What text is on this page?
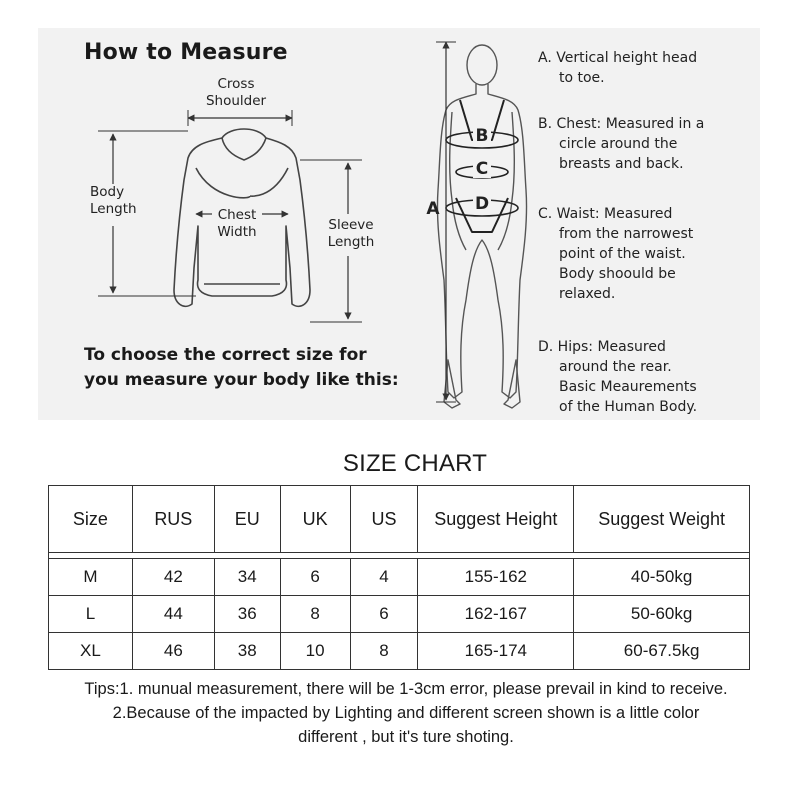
How to Measure
Cross
Shoulder
Body
Length	Chest
Width	Sleeve
Length
To choose the correct size for
you measure your body like this:
A
B
C
D
A. Vertical height head
to toe.
B. Chest: Measured in a
circle around the
breasts and back.
C. Waist: Measured
from the narrowest
point of the waist.
Body shoould be
relaxed.
D. Hips: Measured
around the rear.
Basic Meaurements
of the Human Body.
SIZE CHART
Size	RUS	EU	UK	US	Suggest Height	Suggest Weight

M	42	34	6	4	155-162	40-50kg
L	44	36	8	6	162-167	50-60kg
XL	46	38	10	8	165-174	60-67.5kg

Tips:1. munual measurement, there will be 1-3cm error, please prevail in kind to receive.

2.Because of the impacted by Lighting and different screen shown is a little color

different , but it's ture shoting.
